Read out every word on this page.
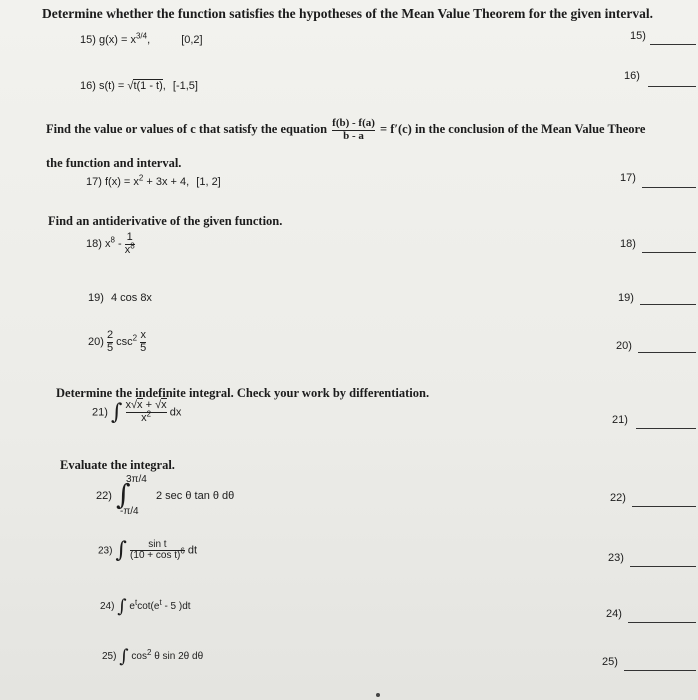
Determine whether the function satisfies the hypotheses of the Mean Value Theorem for the given interval.
15) $g(x) = x^{3/4}$,	[0,2]	15)
16) s(t) = √t(1 - t), [-1,5]
16)
Find the value or values of c that satisfy the equation $\frac{f(b) - f(a)}{b - a} = f'(c)$ in the conclusion of the Mean Value Theore
the function and interval.
17) $f(x) = x^2 + 3x + 4$, [1, 2]	17)
Find an antiderivative of the given function.
18) $x^8 - \frac{1}{x^8}$	18)
19) 4 cos 8x	19)
$20) \frac{2}{5} \csc^2 \frac{x}{5}$	20)
Determine the indefinite integral. Check your work by differentiation.
21) ∫ $\frac{x√x + √x}{x^2}$ dx
21)
Evaluate the integral.
22) ∫
3π/4
-π/4
2 sec θ tan θ dθ	22)
23) ∫ $\frac{\text{sin t}}{(10 + \cos t)^6}$ dt
23)
24) ∫ $e^t\cot(e^t - 5$ )dt
24)
25) ∫ $\cos^2 \theta$ sin 2θ dθ	25)
